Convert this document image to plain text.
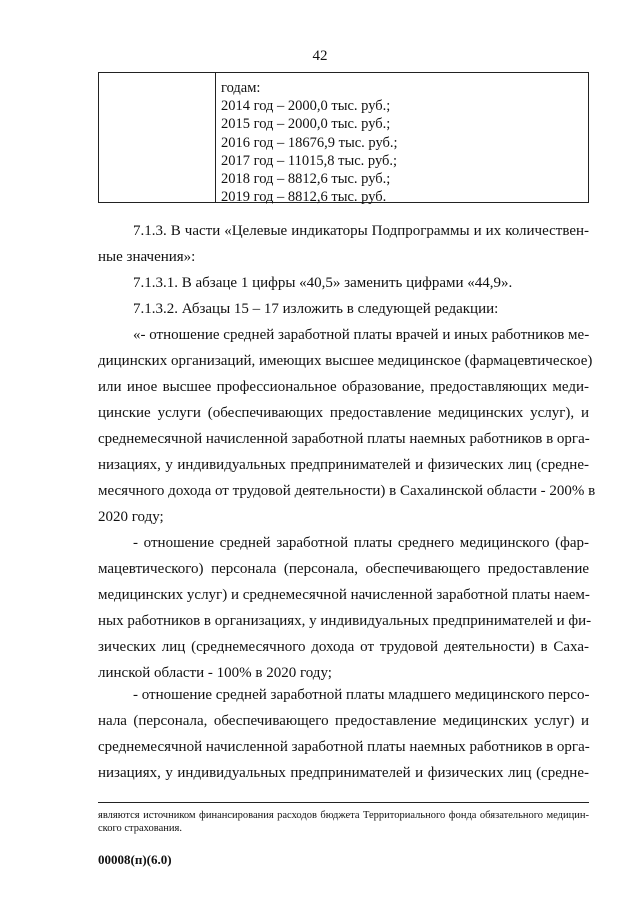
42
годам:
2014 год – 2000,0 тыс. руб.;
2015 год – 2000,0 тыс. руб.;
2016 год – 18676,9 тыс. руб.;
2017 год – 11015,8 тыс. руб.;
2018 год – 8812,6 тыс. руб.;
2019 год – 8812,6 тыс. руб.
7.1.3. В части «Целевые индикаторы Подпрограммы и их количествен-
ные значения»:
7.1.3.1. В абзаце 1 цифры «40,5» заменить цифрами «44,9».
7.1.3.2. Абзацы 15 – 17 изложить в следующей редакции:
«- отношение средней заработной платы врачей и иных работников ме-
дицинских организаций, имеющих высшее медицинское (фармацевтическое)
или иное высшее профессиональное образование, предоставляющих меди-
цинские услуги (обеспечивающих предоставление медицинских услуг), и
среднемесячной начисленной заработной платы наемных работников в орга-
низациях, у индивидуальных предпринимателей и физических лиц (средне-
месячного дохода от трудовой деятельности) в Сахалинской области - 200% в
2020 году;
- отношение средней заработной платы среднего медицинского (фар-
мацевтического) персонала (персонала, обеспечивающего предоставление
медицинских услуг) и среднемесячной начисленной заработной платы наем-
ных работников в организациях, у индивидуальных предпринимателей и фи-
зических лиц (среднемесячного дохода от трудовой деятельности) в Саха-
линской области - 100% в 2020 году;
- отношение средней заработной платы младшего медицинского персо-
нала (персонала, обеспечивающего предоставление медицинских услуг) и
среднемесячной начисленной заработной платы наемных работников в орга-
низациях, у индивидуальных предпринимателей и физических лиц (средне-
являются источником финансирования расходов бюджета Территориального фонда обязательного медицин-
ского страхования.
00008(п)(6.0)
